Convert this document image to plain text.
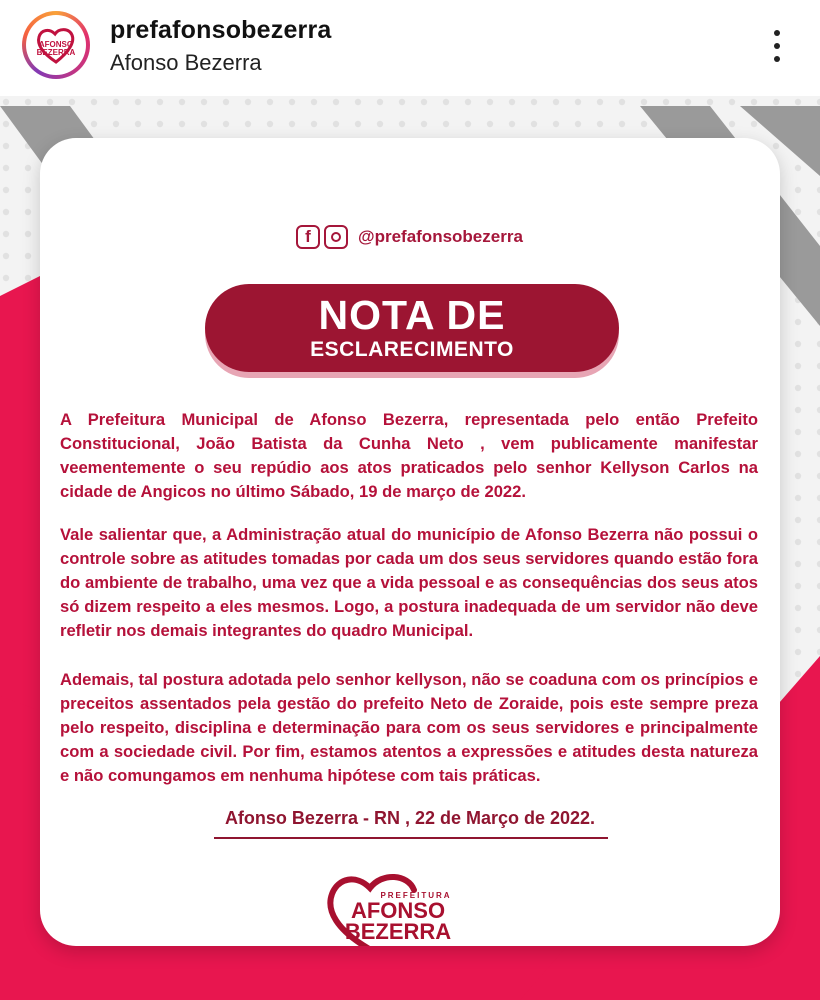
AFONSO
BEZERRA
prefafonsobezerra
Afonso Bezerra
f	@prefafonsobezerra
NOTA DE
ESCLARECIMENTO

A Prefeitura Municipal de Afonso Bezerra, representada pelo então Prefeito Constitucional, João Batista da Cunha Neto , vem publicamente manifestar veementemente o seu repúdio aos atos praticados pelo senhor Kellyson Carlos na cidade de Angicos no último Sábado, 19 de março de 2022.

Vale salientar que, a Administração atual do município de Afonso Bezerra não possui o controle sobre as atitudes tomadas por cada um dos seus servidores quando estão fora do ambiente de trabalho, uma vez que a vida pessoal e as consequências dos seus atos só dizem respeito a eles mesmos. Logo, a postura inadequada de um servidor não deve refletir nos demais integrantes do quadro Municipal.

Ademais, tal postura adotada pelo senhor kellyson, não se coaduna com os princípios e preceitos assentados pela gestão do prefeito Neto de Zoraide, pois este sempre preza pelo respeito, disciplina e determinação para com os seus servidores e principalmente com a sociedade civil. Por fim, estamos atentos a expressões e atitudes desta natureza e não comungamos em nenhuma hipótese com tais práticas.

Afonso Bezerra - RN , 22 de Março de 2022.
PREFEITURA
AFONSO
BEZERRA
